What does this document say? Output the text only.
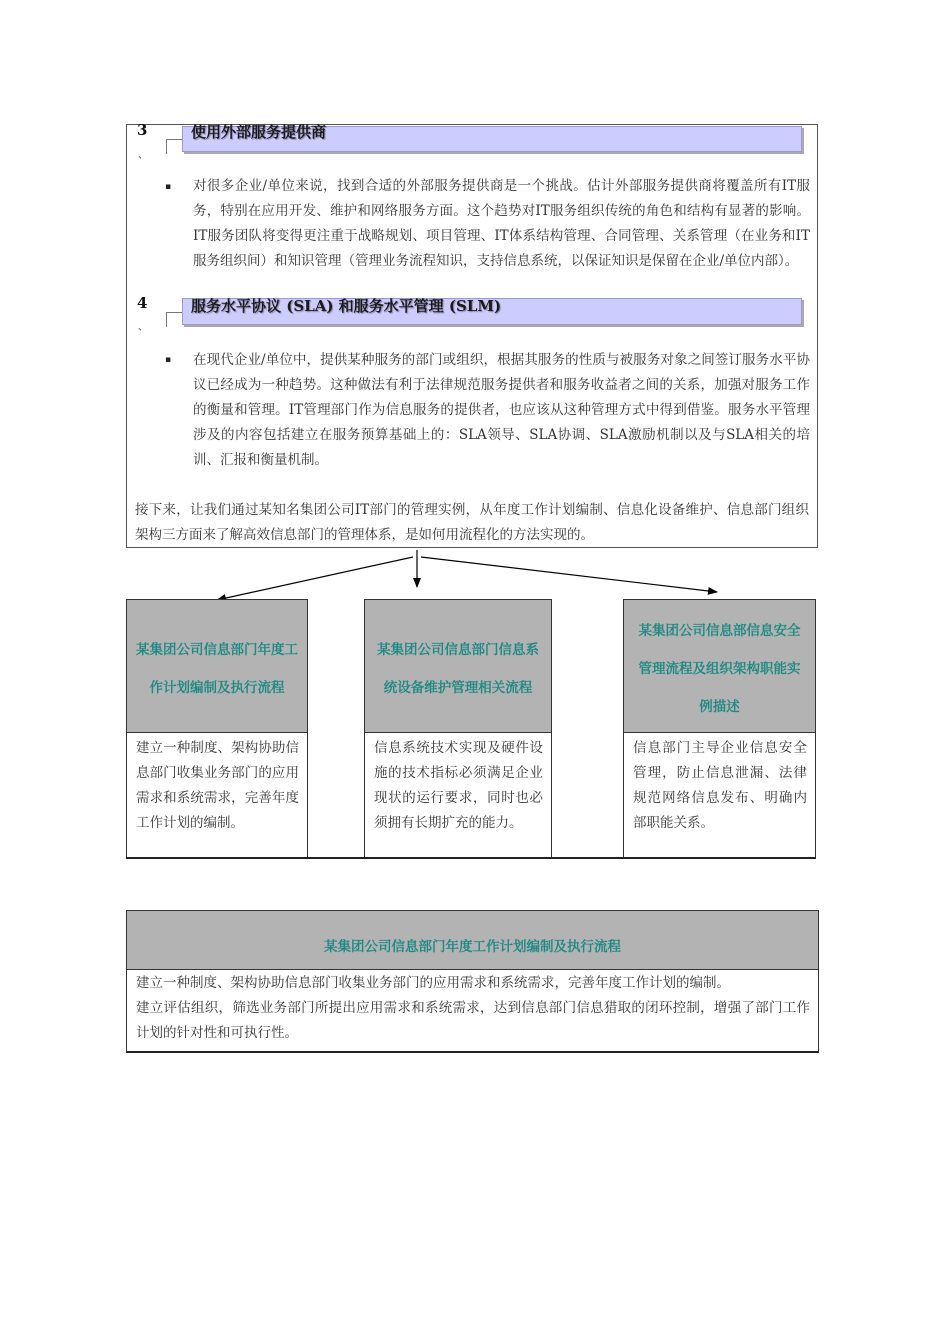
3
、
使用外部服务提供商
▪ 对很多企业/单位来说，找到合适的外部服务提供商是一个挑战。估计外部服务提供商将覆盖所有IT服务，特别在应用开发、维护和网络服务方面。这个趋势对IT服务组织传统的角色和结构有显著的影响。IT服务团队将变得更注重于战略规划、项目管理、IT体系结构管理、合同管理、关系管理（在业务和IT服务组织间）和知识管理（管理业务流程知识，支持信息系统，以保证知识是保留在企业/单位内部）。
4
、
服务水平协议 (SLA) 和服务水平管理 (SLM)
▪ 在现代企业/单位中，提供某种服务的部门或组织，根据其服务的性质与被服务对象之间签订服务水平协议已经成为一种趋势。这种做法有利于法律规范服务提供者和服务收益者之间的关系，加强对服务工作的衡量和管理。IT管理部门作为信息服务的提供者，也应该从这种管理方式中得到借鉴。服务水平管理涉及的内容包括建立在服务预算基础上的：SLA领导、SLA协调、SLA激励机制以及与SLA相关的培训、汇报和衡量机制。
接下来，让我们通过某知名集团公司IT部门的管理实例，从年度工作计划编制、信息化设备维护、信息部门组织架构三方面来了解高效信息部门的管理体系，是如何用流程化的方法实现的。
某集团公司信息部门年度工作计划编制及执行流程
建立一种制度、架构协助信息部门收集业务部门的应用需求和系统需求，完善年度工作计划的编制。
某集团公司信息部门信息系统设备维护管理相关流程
信息系统技术实现及硬件设施的技术指标必须满足企业现状的运行要求，同时也必须拥有长期扩充的能力。
某集团公司信息部信息安全管理流程及组织架构职能实例描述
信息部门主导企业信息安全管理，防止信息泄漏、法律规范网络信息发布、明确内部职能关系。
某集团公司信息部门年度工作计划编制及执行流程
建立一种制度、架构协助信息部门收集业务部门的应用需求和系统需求，完善年度工作计划的编制。
建立评估组织，筛选业务部门所提出应用需求和系统需求，达到信息部门信息猎取的闭环控制，增强了部门工作计划的针对性和可执行性。
